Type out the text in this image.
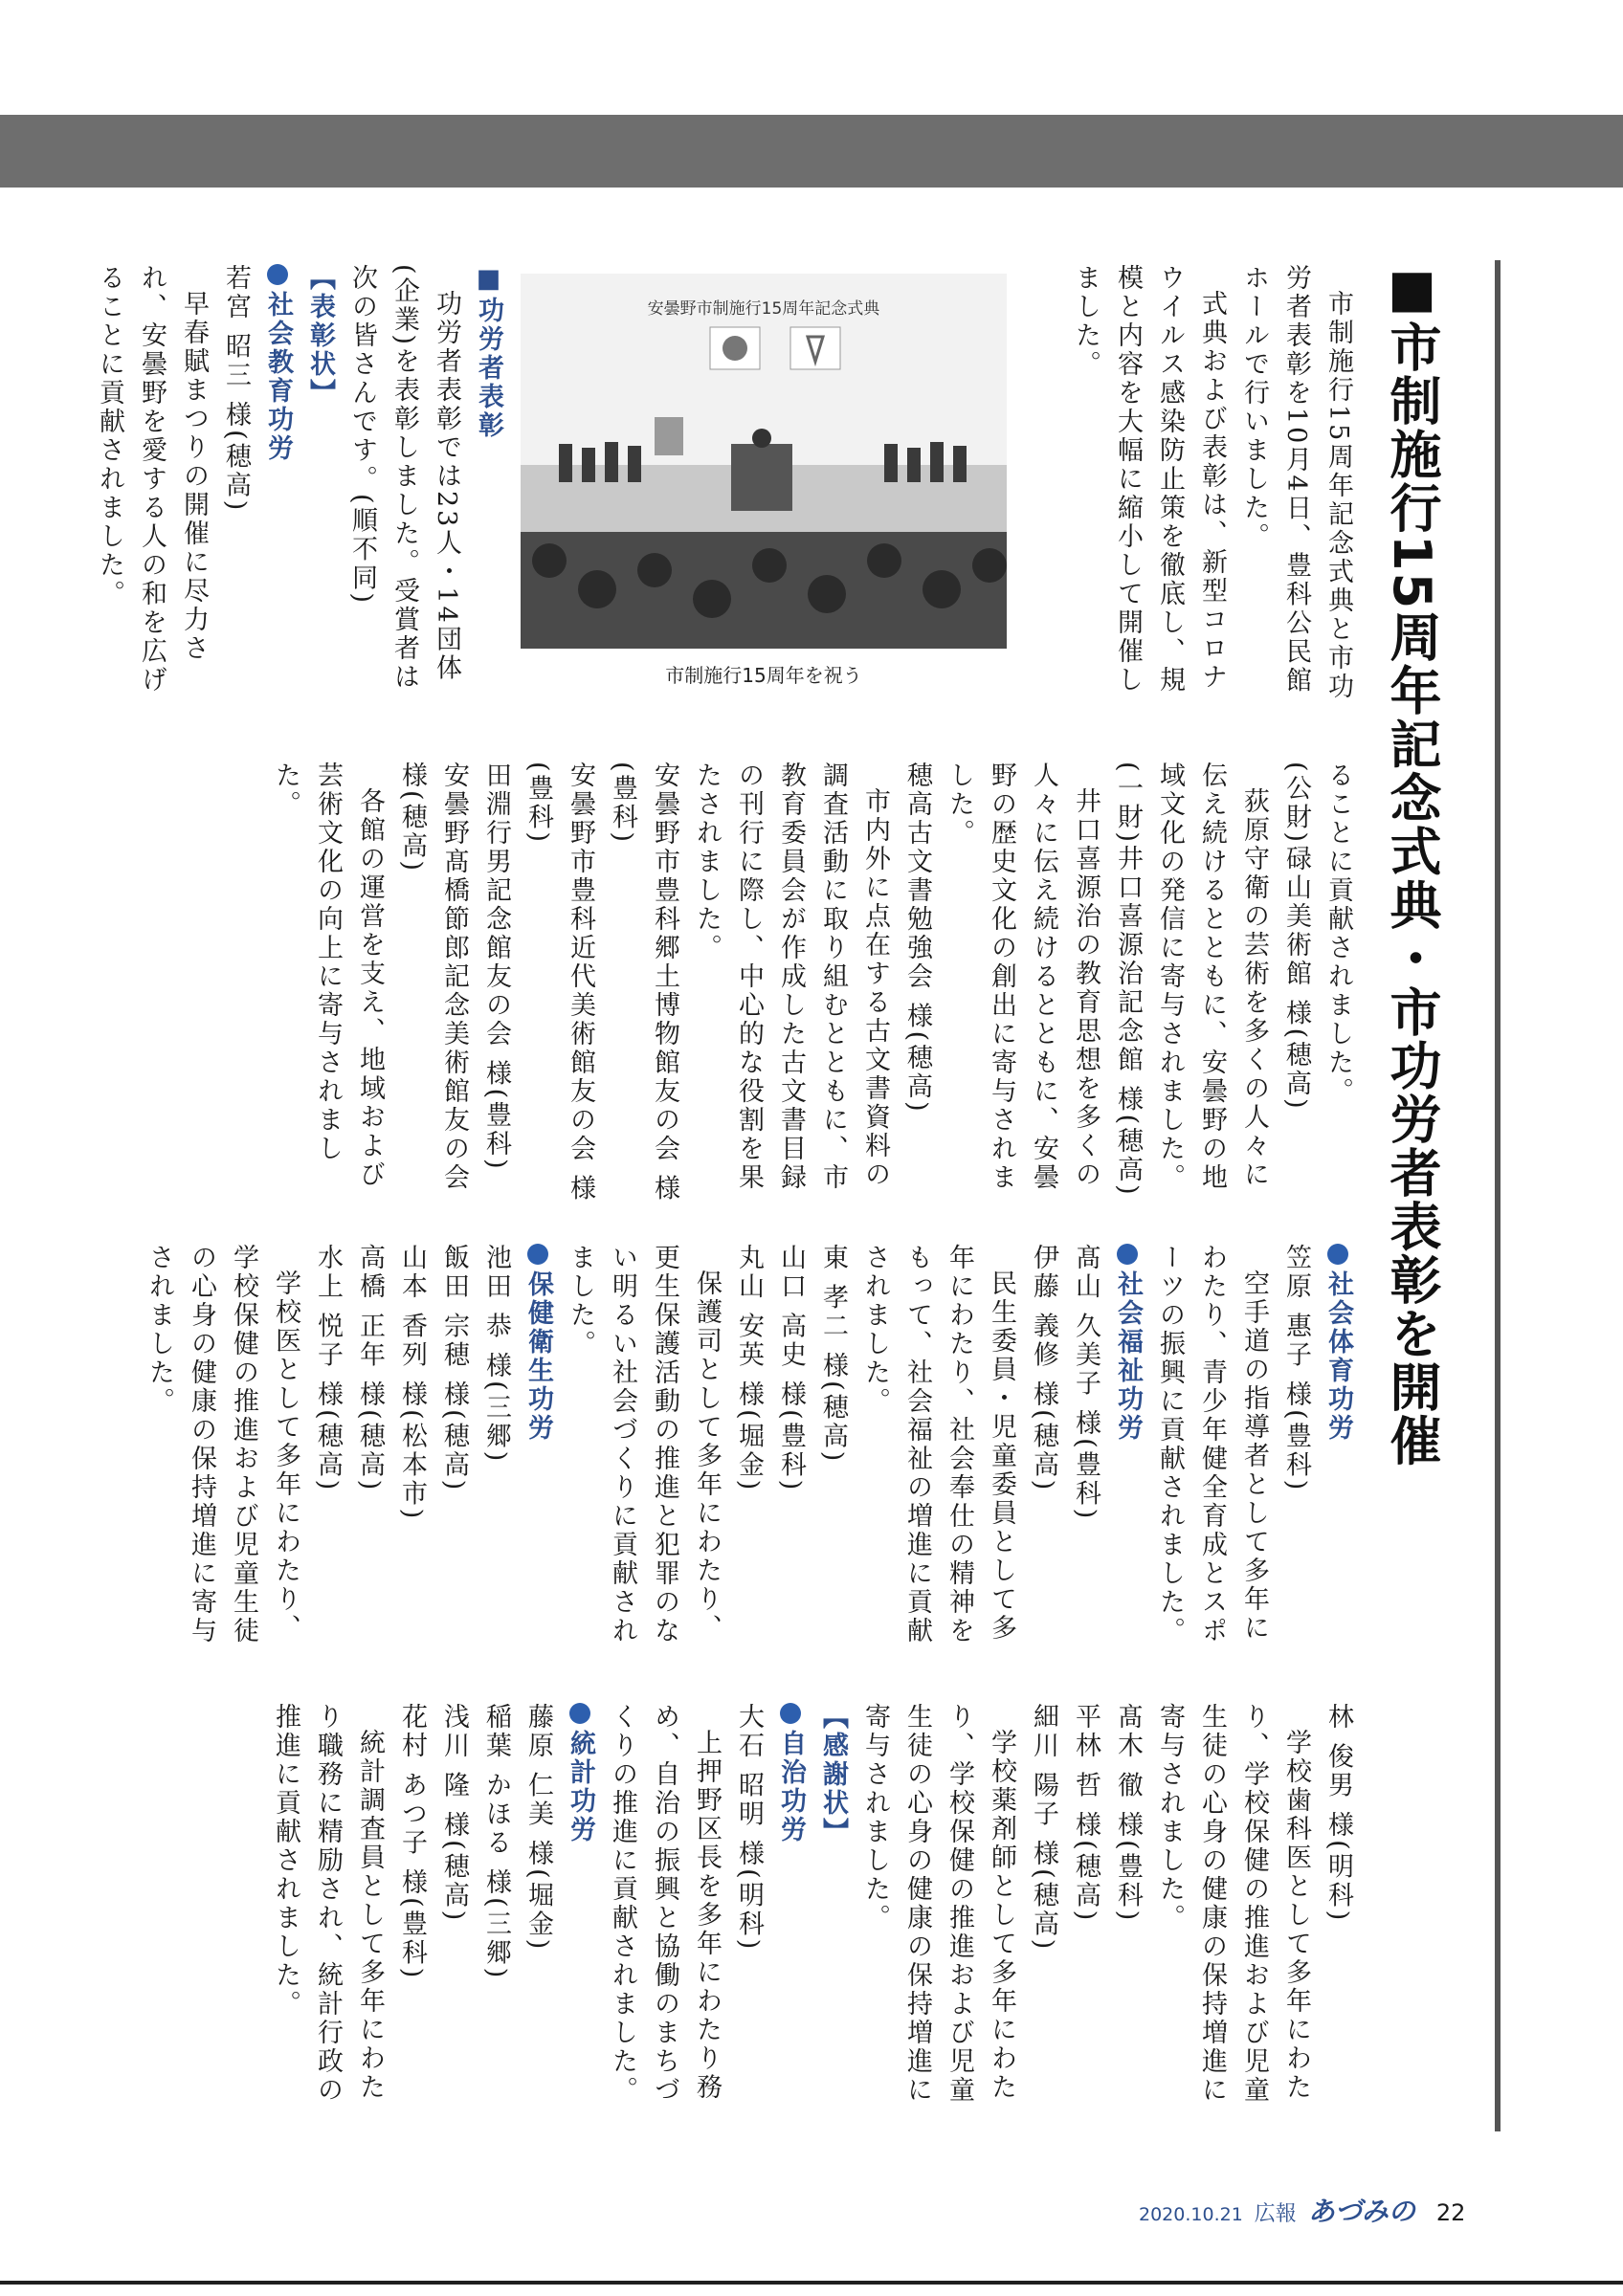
■市制施行15周年記念式典・市功労者表彰を開催

市制施行15周年記念式典と市功労者表彰を10月4日、豊科公民館ホールで行いました。

式典および表彰は、新型コロナウイルス感染防止策を徹底し、規模と内容を大幅に縮小して開催しました。

安曇野市制施行15周年記念式典
市制施行15周年を祝う

■功労者表彰

功労者表彰では23人・14団体(企業)を表彰しました。受賞者は次の皆さんです。(順不同)

【表彰状】

社会教育功労

若宮 昭三 様(穂高)

早春賦まつりの開催に尽力され、安曇野を愛する人の和を広げることに貢献されました。

ることに貢献されました。

(公財)碌山美術館 様(穂高)

荻原守衛の芸術を多くの人々に伝え続けるとともに、安曇野の地域文化の発信に寄与されました。

(一財)井口喜源治記念館 様(穂高)

井口喜源治の教育思想を多くの人々に伝え続けるとともに、安曇野の歴史文化の創出に寄与されました。

穂高古文書勉強会 様(穂高)

市内外に点在する古文書資料の調査活動に取り組むとともに、市教育委員会が作成した古文書目録の刊行に際し、中心的な役割を果たされました。

安曇野市豊科郷土博物館友の会 様(豊科)

安曇野市豊科近代美術館友の会 様(豊科)

田淵行男記念館友の会 様(豊科)

安曇野髙橋節郎記念美術館友の会 様(穂高)

各館の運営を支え、地域および芸術文化の向上に寄与されました。

社会体育功労

笠原 惠子 様(豊科)

空手道の指導者として多年にわたり、青少年健全育成とスポーツの振興に貢献されました。

社会福祉功労

髙山 久美子 様(豊科)

伊藤 義修 様(穂高)

民生委員・児童委員として多年にわたり、社会奉仕の精神をもって、社会福祉の増進に貢献されました。

東 孝二 様(穂高)

山口 高史 様(豊科)

丸山 安英 様(堀金)

保護司として多年にわたり、更生保護活動の推進と犯罪のない明るい社会づくりに貢献されました。

保健衛生功労

池田 恭 様(三郷)

飯田 宗穂 様(穂高)

山本 香列 様(松本市)

高橋 正年 様(穂高)

水上 悦子 様(穂高)

学校医として多年にわたり、学校保健の推進および児童生徒の心身の健康の保持増進に寄与されました。

林 俊男 様(明科)

学校歯科医として多年にわたり、学校保健の推進および児童生徒の心身の健康の保持増進に寄与されました。

髙木 徹 様(豊科)

平林 哲 様(穂高)

細川 陽子 様(穂高)

学校薬剤師として多年にわたり、学校保健の推進および児童生徒の心身の健康の保持増進に寄与されました。

【感謝状】

自治功労

大石 昭明 様(明科)

上押野区長を多年にわたり務め、自治の振興と協働のまちづくりの推進に貢献されました。

統計功労

藤原 仁美 様(堀金)

稲葉 かほる 様(三郷)

浅川 隆 様(穂高)

花村 あつ子 様(豊科)

統計調査員として多年にわたり職務に精励され、統計行政の推進に貢献されました。

2020.10.21 広報 あづみの 22
